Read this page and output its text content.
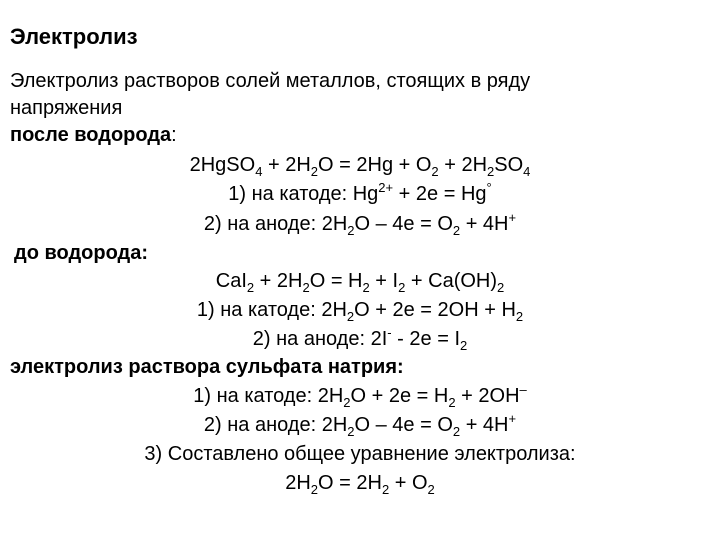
Электролиз
Электролиз растворов солей металлов, стоящих в ряду
напряжения
после водорода:
2HgSO$_4$ + $2H_2O = 2Hg + O_2 + 2H_2SO_4$
1) на катоде: $Hg^{2+} + 2e = Hg^\circ$
2) на аноде: $2H_2O - 4e = O_2 + 4H^+$
до водорода:
$CaI_2 + 2H_2O = H_2 + I_2 + Ca(OH)_2$
1) на катоде: $2H_2O + 2e = 2OH + H_2$
2) на аноде: $2I^- - 2e = I_2$
электролиз раствора сульфата натрия:
1) на катоде: $2H_2O + 2e = H_2 + 2OH^-$
2) на аноде: $2H_2O - 4e = O_2 + 4H^+$
3) Составлено общее уравнение электролиза:
$2H_2O = 2H_2 + O_2$
